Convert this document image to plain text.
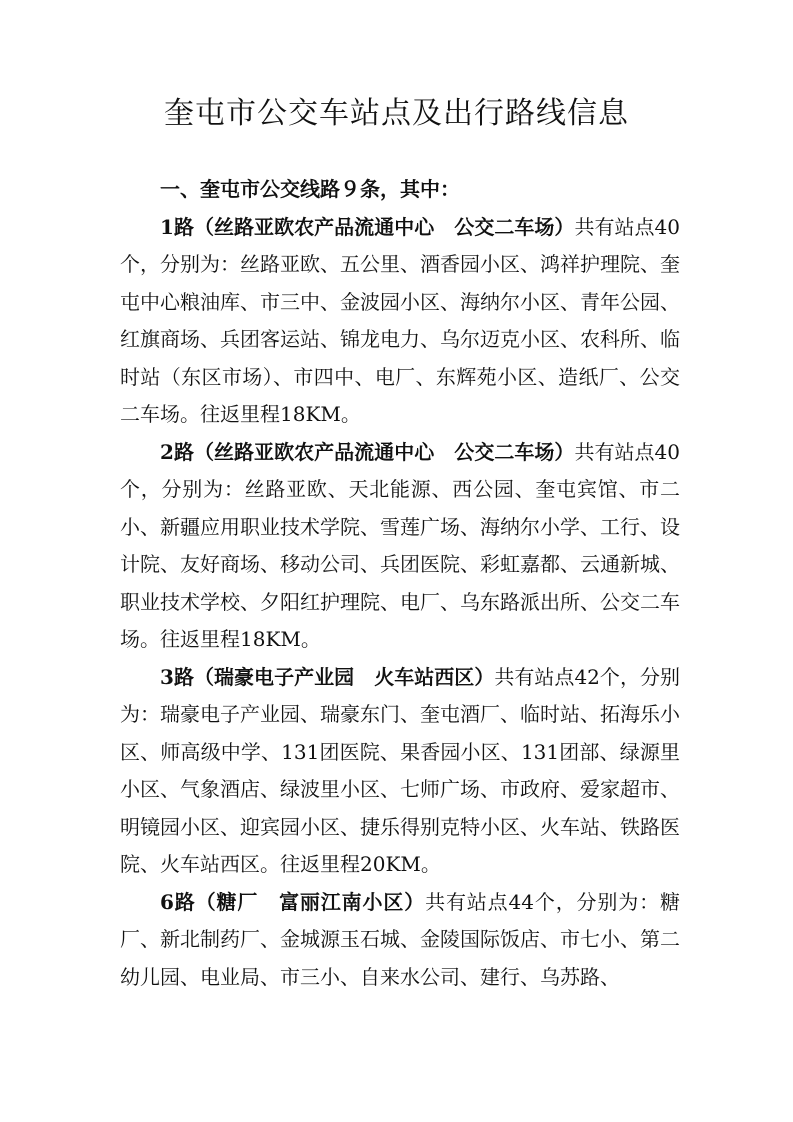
奎屯市公交车站点及出行路线信息

一、奎屯市公交线路９条，其中：

1路（丝路亚欧农产品流通中心　公交二车场）共有站点40个，分别为：丝路亚欧、五公里、酒香园小区、鸿祥护理院、奎屯中心粮油库、市三中、金波园小区、海纳尔小区、青年公园、红旗商场、兵团客运站、锦龙电力、乌尔迈克小区、农科所、临时站（东区市场）、市四中、电厂、东辉苑小区、造纸厂、公交二车场。往返里程18KM。

2路（丝路亚欧农产品流通中心　公交二车场）共有站点40个，分别为：丝路亚欧、天北能源、西公园、奎屯宾馆、市二小、新疆应用职业技术学院、雪莲广场、海纳尔小学、工行、设计院、友好商场、移动公司、兵团医院、彩虹嘉都、云通新城、职业技术学校、夕阳红护理院、电厂、乌东路派出所、公交二车场。往返里程18KM。

3路（瑞豪电子产业园　火车站西区）共有站点42个，分别为：瑞豪电子产业园、瑞豪东门、奎屯酒厂、临时站、拓海乐小区、师高级中学、131团医院、果香园小区、131团部、绿源里小区、气象酒店、绿波里小区、七师广场、市政府、爱家超市、明镜园小区、迎宾园小区、捷乐得别克特小区、火车站、铁路医院、火车站西区。往返里程20KM。

6路（糖厂　富丽江南小区）共有站点44个，分别为：糖厂、新北制药厂、金城源玉石城、金陵国际饭店、市七小、第二幼儿园、电业局、市三小、自来水公司、建行、乌苏路、
